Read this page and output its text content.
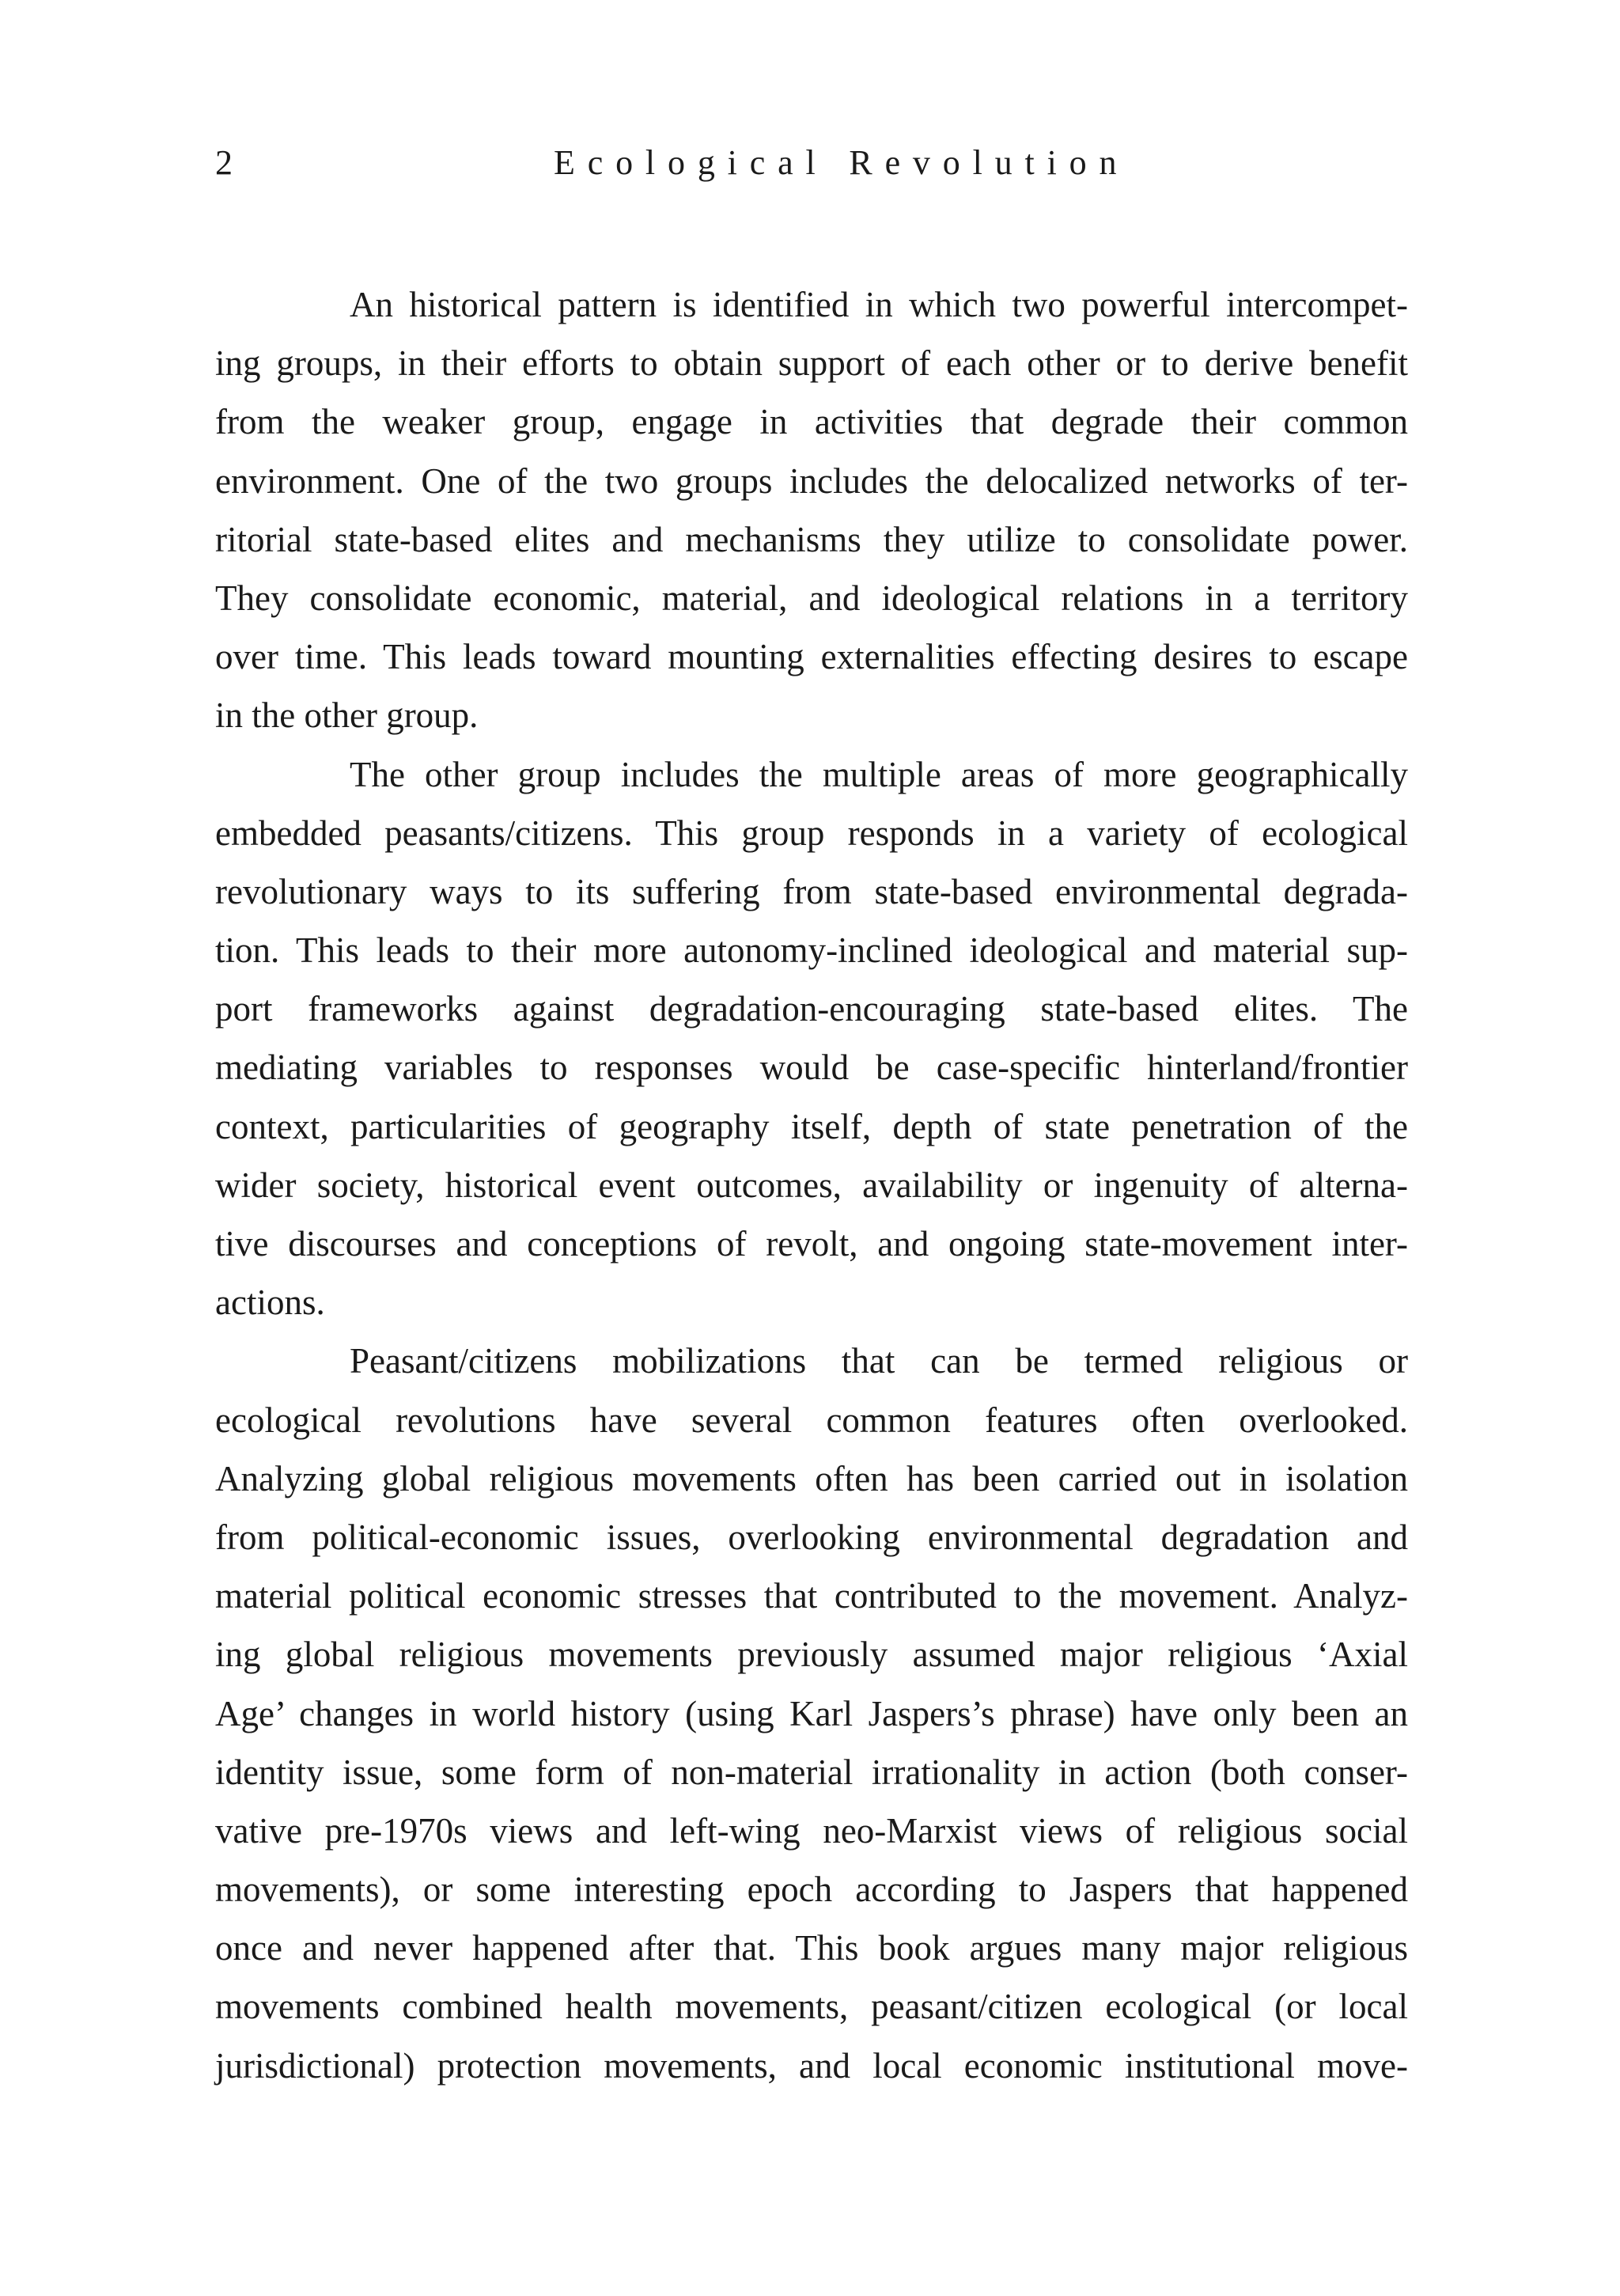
2	Ecological Revolution
An historical pattern is identified in which two powerful intercompet-
ing groups, in their efforts to obtain support of each other or to derive benefit
from the weaker group, engage in activities that degrade their common
environment. One of the two groups includes the delocalized networks of ter-
ritorial state-based elites and mechanisms they utilize to consolidate power.
They consolidate economic, material, and ideological relations in a territory
over time. This leads toward mounting externalities effecting desires to escape
in the other group.
The other group includes the multiple areas of more geographically
embedded peasants/citizens. This group responds in a variety of ecological
revolutionary ways to its suffering from state-based environmental degrada-
tion. This leads to their more autonomy-inclined ideological and material sup-
port frameworks against degradation-encouraging state-based elites. The
mediating variables to responses would be case-specific hinterland/frontier
context, particularities of geography itself, depth of state penetration of the
wider society, historical event outcomes, availability or ingenuity of alterna-
tive discourses and conceptions of revolt, and ongoing state-movement inter-
actions.
Peasant/citizens mobilizations that can be termed religious or
ecological revolutions have several common features often overlooked.
Analyzing global religious movements often has been carried out in isolation
from political-economic issues, overlooking environmental degradation and
material political economic stresses that contributed to the movement. Analyz-
ing global religious movements previously assumed major religious ‘Axial
Age’ changes in world history (using Karl Jaspers’s phrase) have only been an
identity issue, some form of non-material irrationality in action (both conser-
vative pre-1970s views and left-wing neo-Marxist views of religious social
movements), or some interesting epoch according to Jaspers that happened
once and never happened after that. This book argues many major religious
movements combined health movements, peasant/citizen ecological (or local
jurisdictional) protection movements, and local economic institutional move-
